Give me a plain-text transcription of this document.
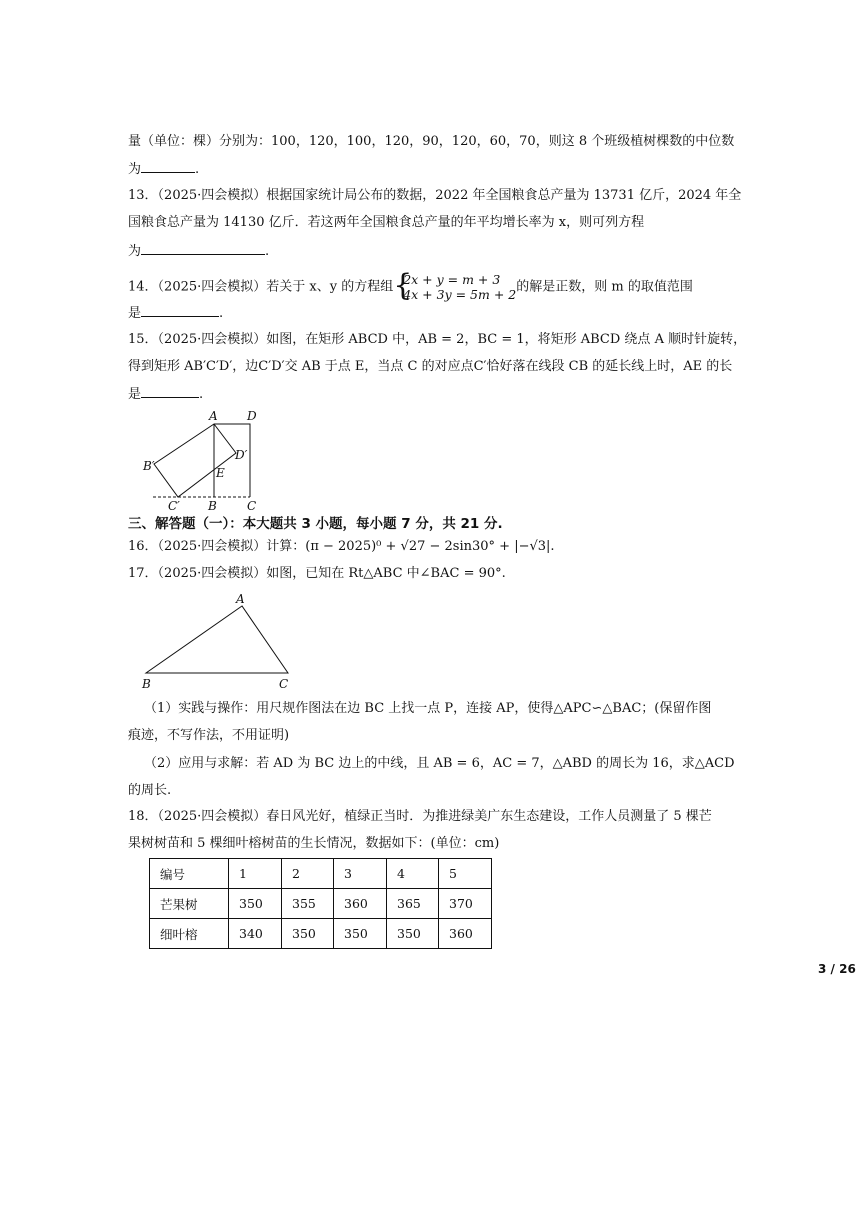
量（单位：棵）分别为：100，120，100，120，90，120，60，70，则这 8 个班级植树棵数的中位数
为	.
13．（2025·四会模拟）根据国家统计局公布的数据，2022 年全国粮食总产量为 13731 亿斤，2024 年全
国粮食总产量为 14130 亿斤．若这两年全国粮食总产量的年平均增长率为 x，则可列方程
为	.
14．（2025·四会模拟）若关于 x、y 的方程组 {
2x + y = m + 3
4x + 3y = 5m + 2 的解是正数，则 m 的取值范围
是	.
15．（2025·四会模拟）如图，在矩形 ABCD 中，AB = 2，BC = 1，将矩形 ABCD 绕点 A 顺时针旋转，
得到矩形 AB′C′D′，边C′D′交 AB 于点 E，当点 C 的对应点C′恰好落在线段 CB 的延长线上时，AE 的长
是	.
A D
B′
D′
E
C′ B	C
A
B	C
三、解答题（一）：本大题共 3 小题，每小题 7 分，共 21 分.
16．（2025·四会模拟）计算：(π − 2025)⁰ + √27 − 2sin30° + |−√3|.
17．（2025·四会模拟）如图，已知在 Rt△ABC 中∠BAC = 90°.
（1）实践与操作：用尺规作图法在边 BC 上找一点 P，连接 AP，使得△APC∽△BAC；(保留作图
痕迹，不写作法，不用证明)
（2）应用与求解：若 AD 为 BC 边上的中线，且 AB = 6，AC = 7，△ABD 的周长为 16，求△ACD
的周长.
18．（2025·四会模拟）春日风光好，植绿正当时．为推进绿美广东生态建设，工作人员测量了 5 棵芒
果树树苗和 5 棵细叶榕树苗的生长情况，数据如下：(单位：cm)
编号	1	2	3	4	5
芒果树	350	355	360	365	370
细叶榕	340	350	350	350	360
3 / 26
